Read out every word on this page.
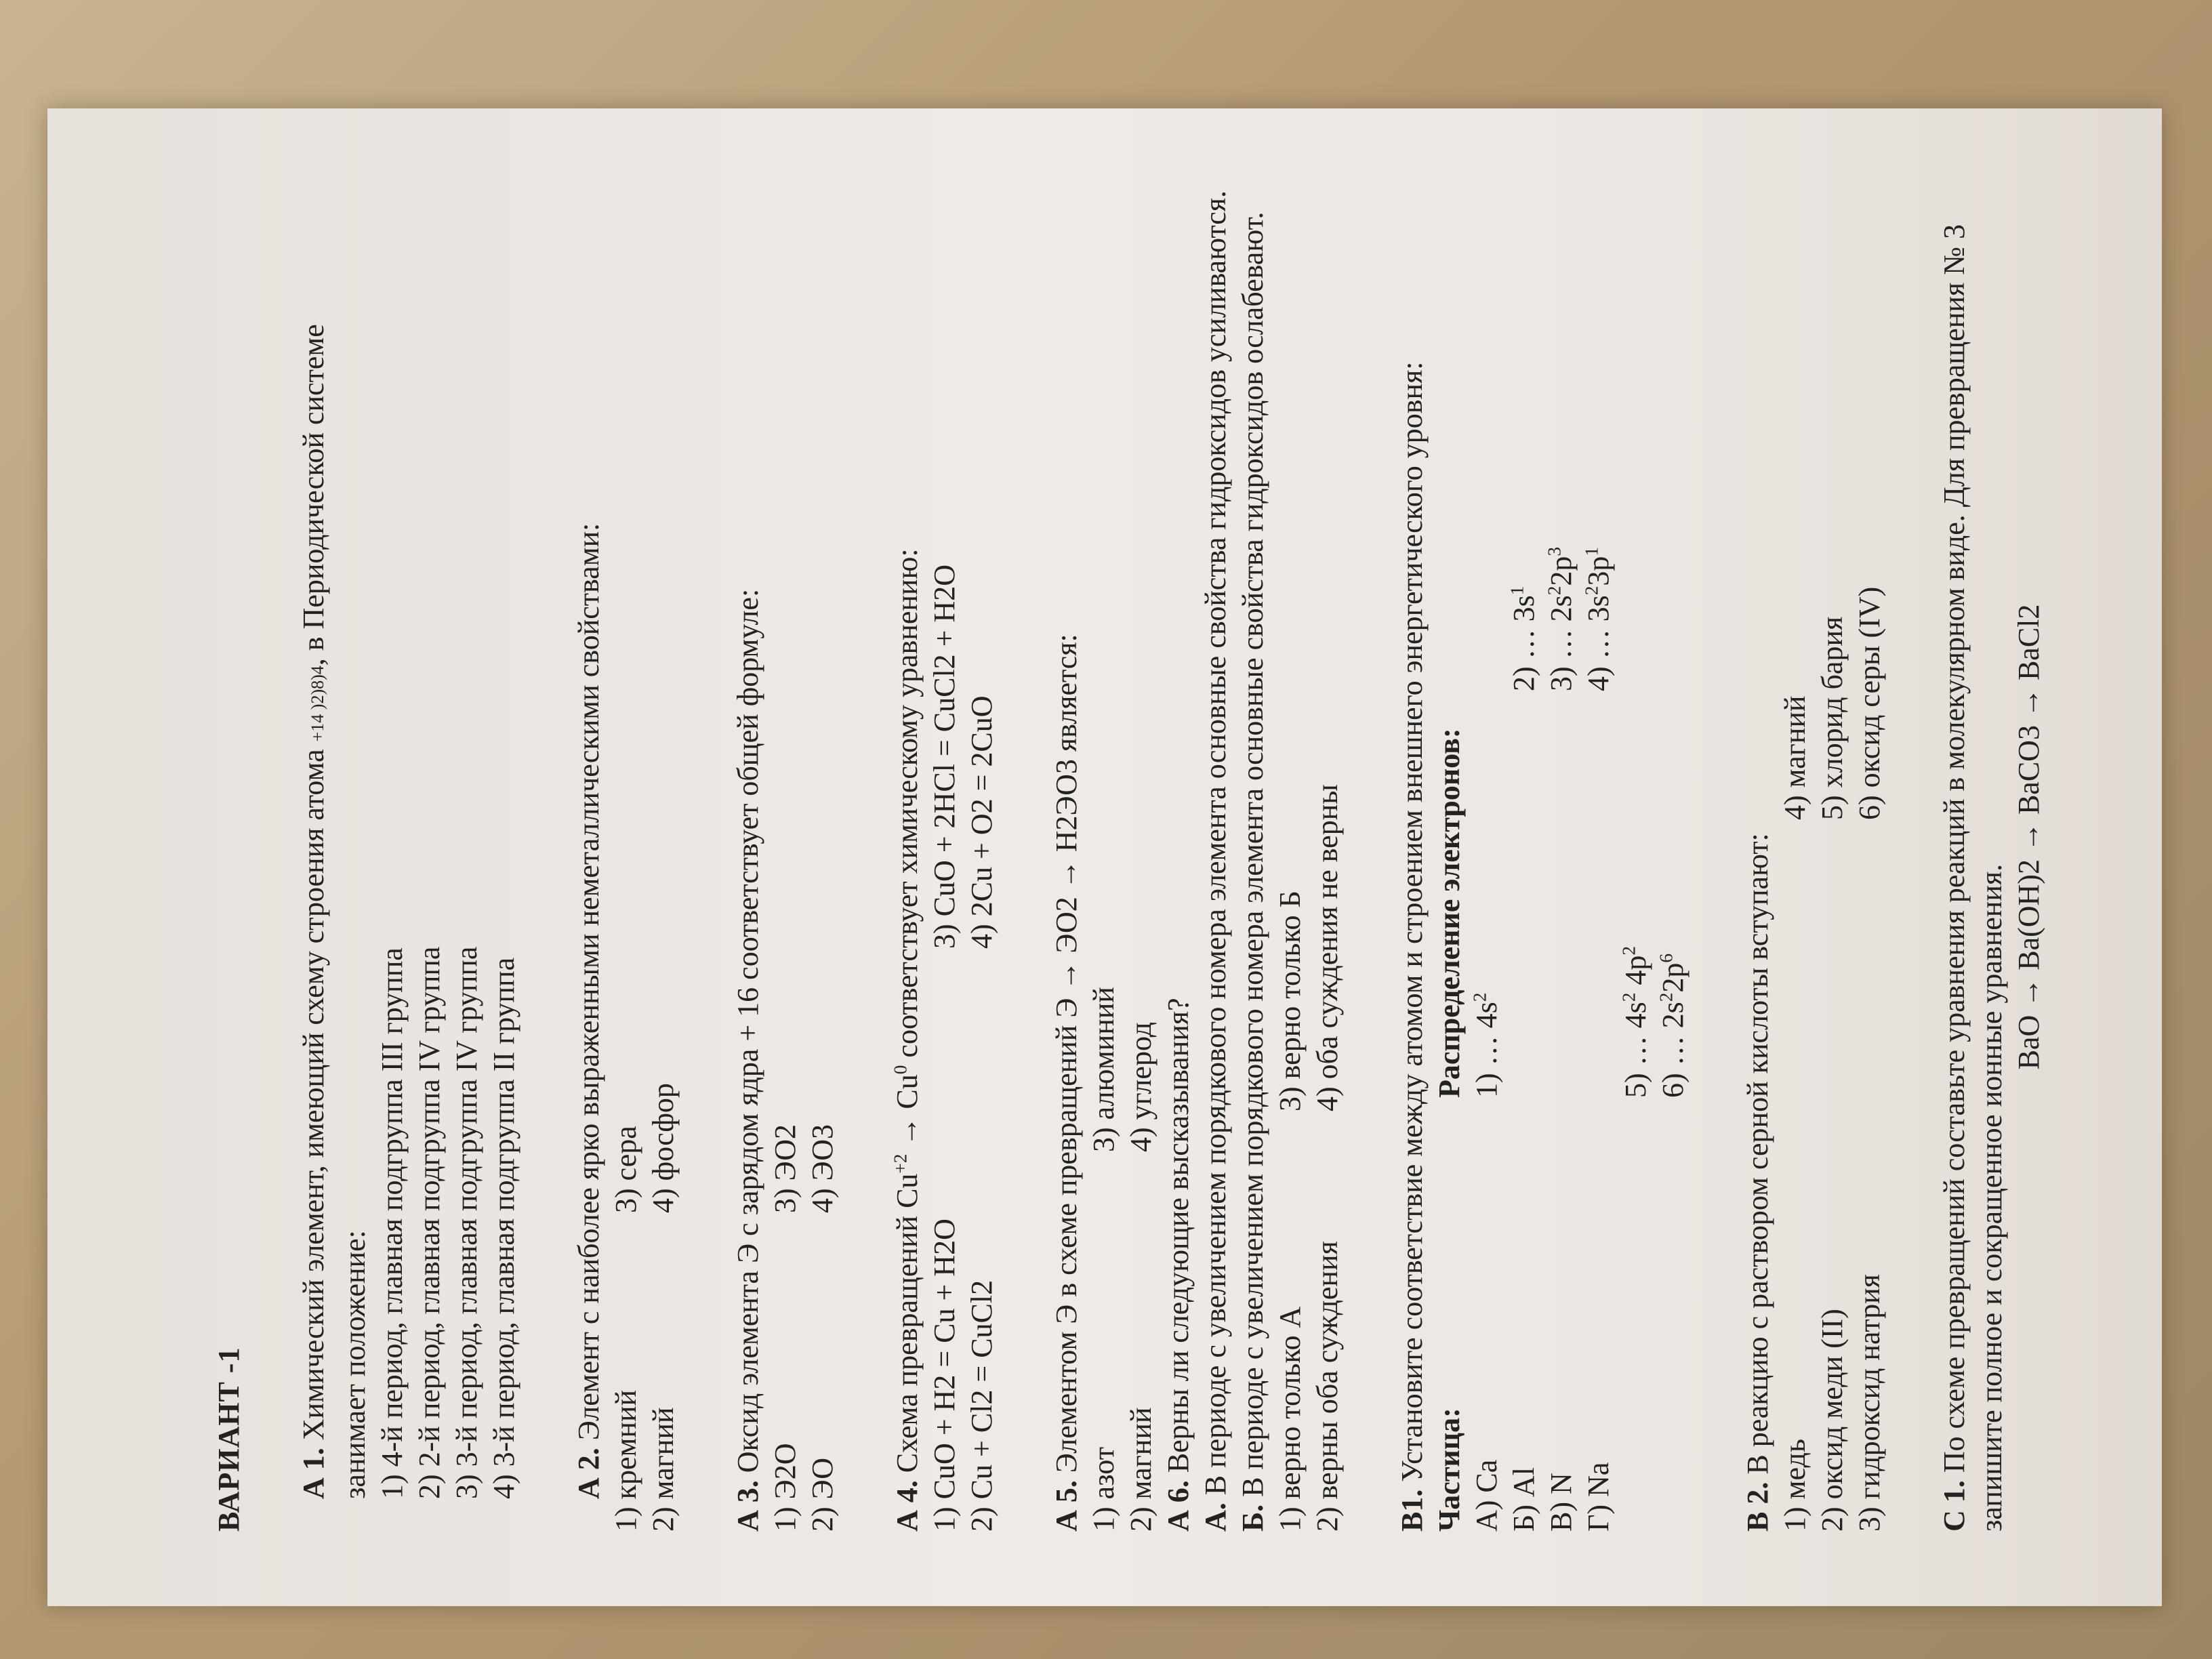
ВАРИАНТ -1 А 1. Химический элемент, имеющий схему строения атома +14 )2)8)4, в Периодической системе

занимает положение: 1) 4-й период, главная подгруппа III группа 2) 2-й период, главная подгруппа IV группа 3) 3-й период, главная подгруппа IV группа 4) 3-й период, главная подгруппа II группа А 2. Элемент с наиболее ярко выраженными неметаллическими свойствами:

1) кремний
3) сера
2) магний
4) фосфор

А 3. Оксид элемента Э с зарядом ядра + 16 соответствует общей формуле:

1) Э2О
3) ЭО2
2) ЭО
4) ЭО3

А 4. Схема превращений $Cu^{+2} \to Cu^0$ соответствует химическому уравнению:

1) CuO + H2 = Cu + H2O
3) CuO + 2HCl = CuCl2 + H2O
2) Cu + Cl2 = CuCl2
4) 2Cu + O2 = 2CuO

А 5. Элементом Э в схеме превращений Э → ЭО2 → H2ЭО3 является:

1) азот
3) алюминий
2) магний
4) углерод

А 6. Верны ли следующие высказывания?

А. В периоде с увеличением порядкового номера элемента основные свойства гидроксидов усиливаются.

Б. В периоде с увеличением порядкового номера элемента основные свойства гидроксидов ослабевают. 1) верно только А
3) верно только Б
2) верны оба суждения
4) оба суждения не верны

В1. Установите соответствие между атомом и строением внешнего энергетического уровня: Частица: А) Ca Б) Al В) N Г) Na

Распределение электронов: 1) … $4s^2$

2) … $3s^1$

3) … $2s^22p^3$

4) … $3s^23p^1$

5) … $4s^2$ $4p^2$

6) … $2s^22p^6$

В 2. В реакцию с раствором серной кислоты вступают:

1) медь
4) магний
2) оксид меди (II)
5) хлорид бария
3) гидроксид натрия
6) оксид серы (IV)

С 1. По схеме превращений составьте уравнения реакций в молекулярном виде. Для превращения № 3 запишите полное и сокращенное ионные уравнения.

BaO → Ba(OH)2 → BaCO3 → BaCl2
